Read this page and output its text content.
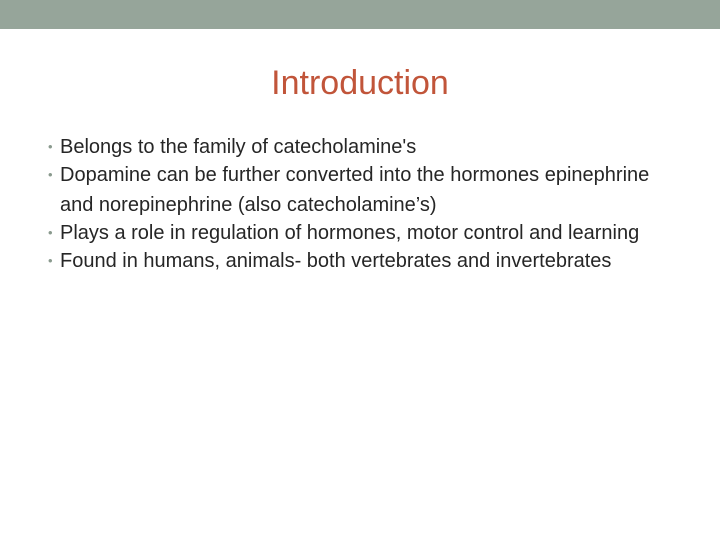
Introduction
• Belongs to the family of catecholamine's
• Dopamine can be further converted into the hormones epinephrine and norepinephrine (also catecholamine’s)
• Plays a role in regulation of hormones, motor control and learning
• Found in humans, animals- both vertebrates and invertebrates
